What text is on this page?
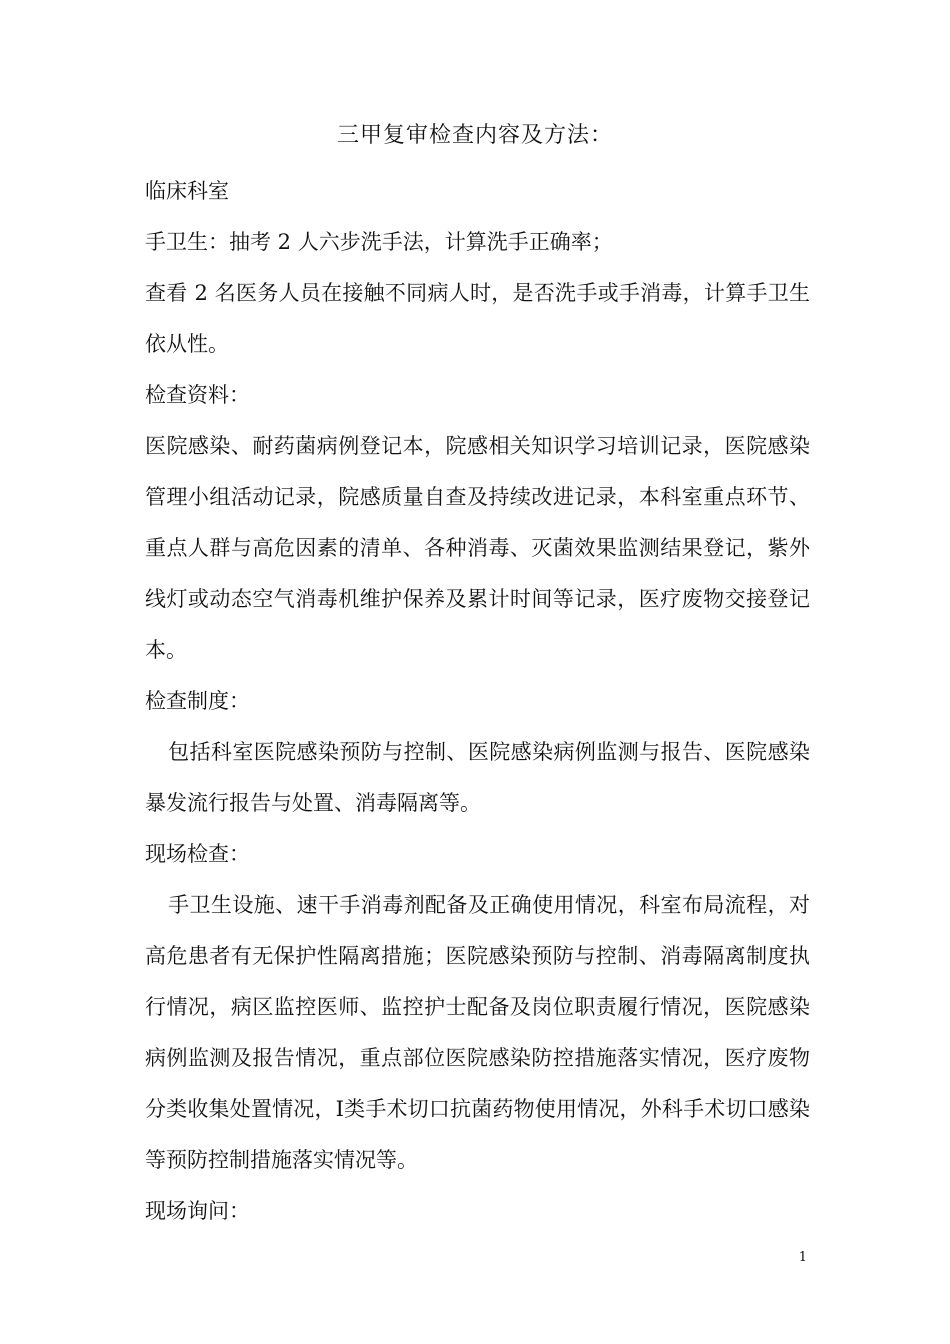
三甲复审检查内容及方法：

临床科室

手卫生：抽考 2 人六步洗手法，计算洗手正确率；

查看 2 名医务人员在接触不同病人时，是否洗手或手消毒，计算手卫生依从性。

检查资料：

医院感染、耐药菌病例登记本，院感相关知识学习培训记录，医院感染管理小组活动记录，院感质量自查及持续改进记录，本科室重点环节、重点人群与高危因素的清单、各种消毒、灭菌效果监测结果登记，紫外线灯或动态空气消毒机维护保养及累计时间等记录，医疗废物交接登记本。

检查制度：

包括科室医院感染预防与控制、医院感染病例监测与报告、医院感染暴发流行报告与处置、消毒隔离等。

现场检查：

手卫生设施、速干手消毒剂配备及正确使用情况，科室布局流程，对高危患者有无保护性隔离措施；医院感染预防与控制、消毒隔离制度执行情况，病区监控医师、监控护士配备及岗位职责履行情况，医院感染病例监测及报告情况，重点部位医院感染防控措施落实情况，医疗废物分类收集处置情况，Ⅰ类手术切口抗菌药物使用情况，外科手术切口感染等预防控制措施落实情况等。

现场询问：

1
